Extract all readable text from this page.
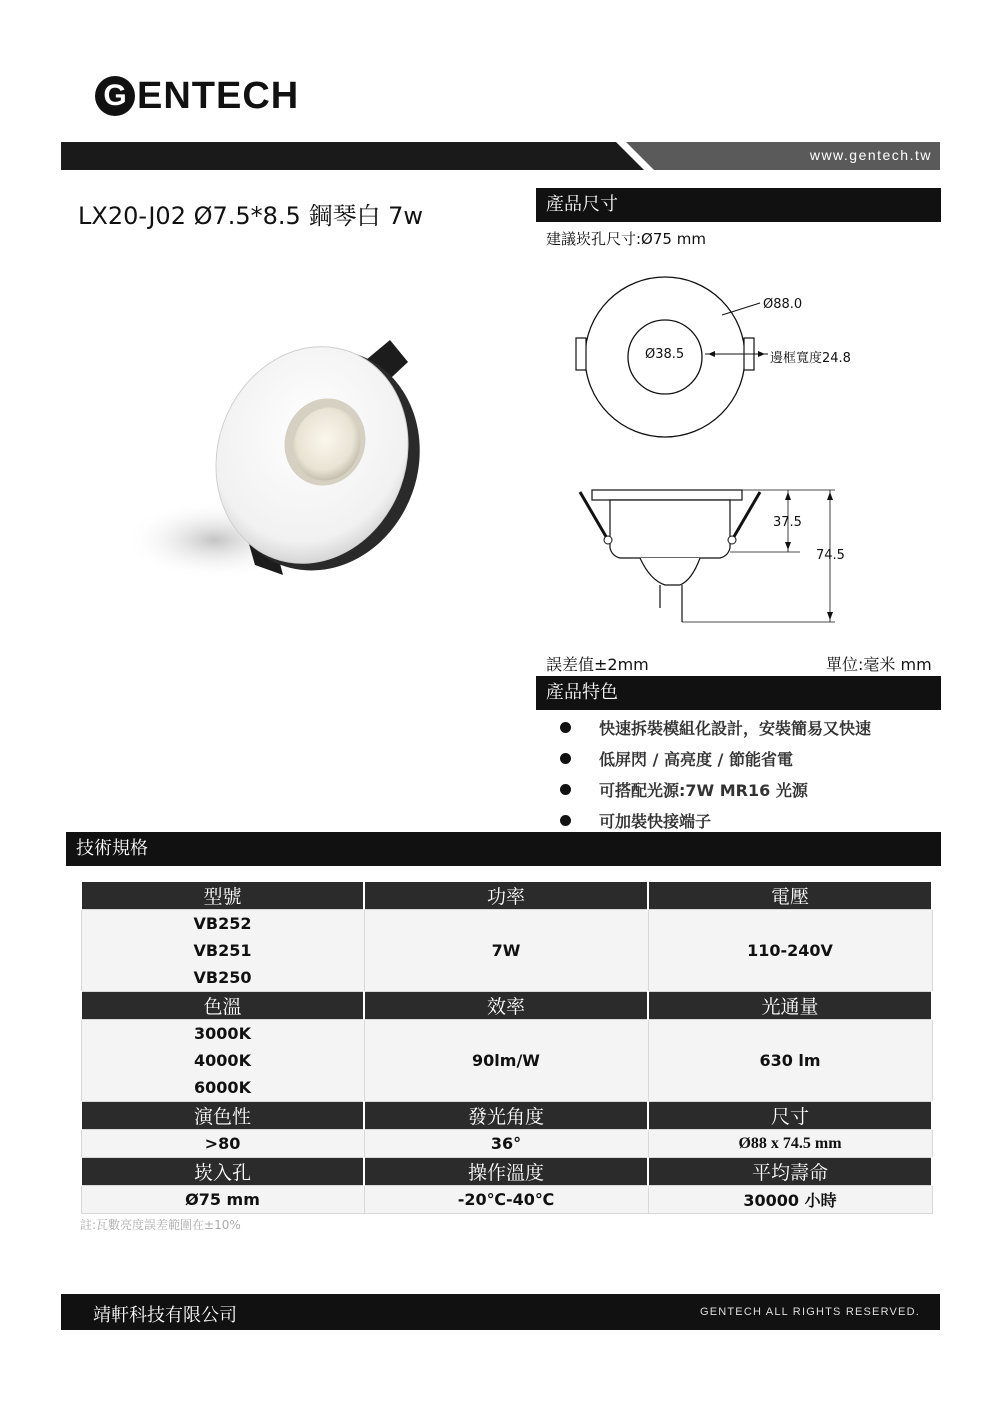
G ENTECH
www.gentech.tw
LX20-J02 Ø7.5*8.5 鋼琴白 7w	產品尺寸
建議崁孔尺寸:Ø75 mm
Ø88.0
Ø38.5	邊框寬度24.8
37.5
74.5
誤差值±2mm	單位:毫米 mm
產品特色
快速拆裝模組化設計，安裝簡易又快速
低屏閃 / 高亮度 / 節能省電
可搭配光源:7W MR16 光源
可加裝快接端子
技術規格
型號	功率	電壓

VB252
VB251
VB250	7W	110-240V
色溫	效率	光通量

3000K
4000K
6000K	90lm/W	630 lm
演色性	發光角度	尺寸
>80	36°	Ø88 x 74.5 mm
崁入孔	操作溫度	平均壽命
Ø75 mm	-20℃-40℃	30000 小時
註:瓦數亮度誤差範圍在±10%
靖軒科技有限公司	GENTECH ALL RIGHTS RESERVED.
